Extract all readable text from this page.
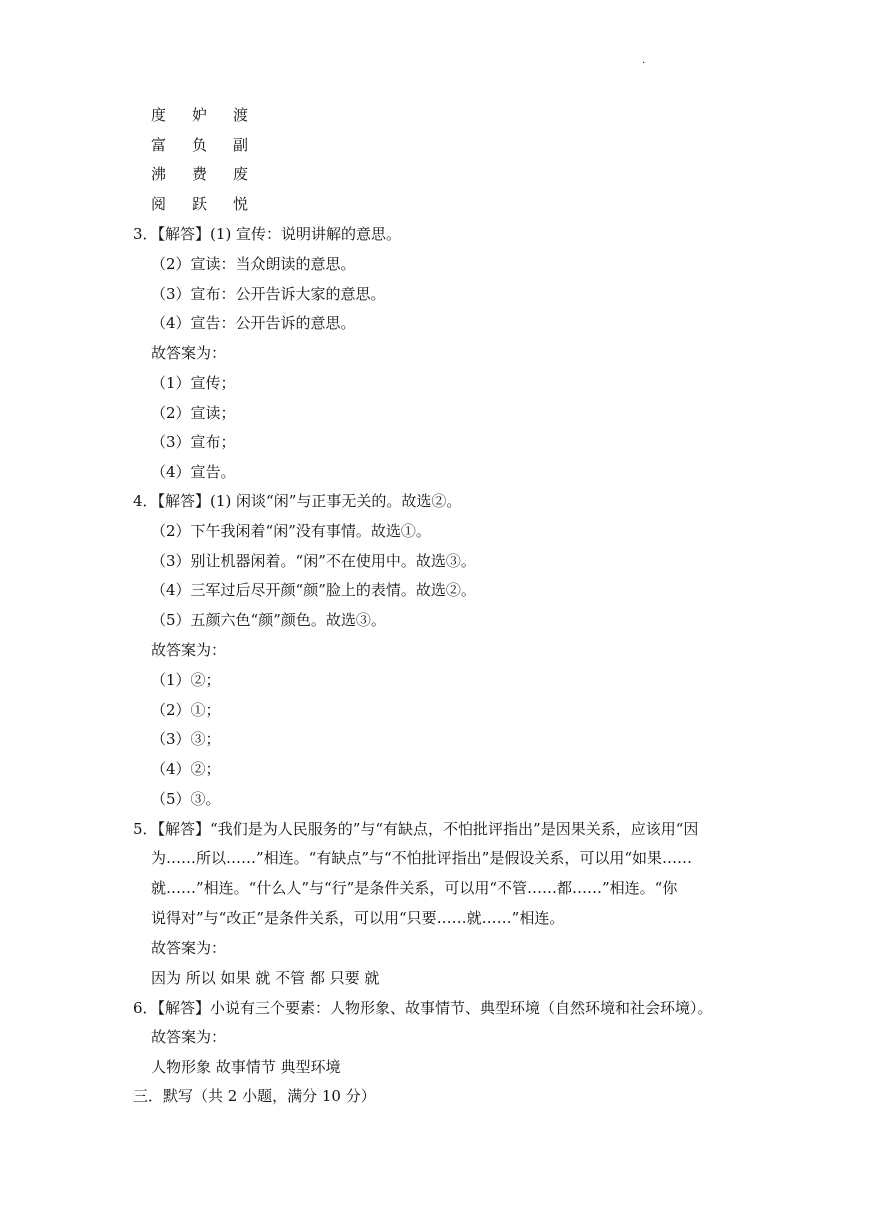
.
度 妒 渡
富 负 副
沸 费 废
阅 跃 悦
3．【解答】(1) 宣传：说明讲解的意思。
（2）宣读：当众朗读的意思。
（3）宣布：公开告诉大家的意思。
（4）宣告：公开告诉的意思。
故答案为：
（1）宣传；
（2）宣读；
（3）宣布；
（4）宣告。
4．【解答】(1) 闲谈“闲”与正事无关的。故选②。
（2）下午我闲着“闲”没有事情。故选①。
（3）别让机器闲着。“闲”不在使用中。故选③。
（4）三军过后尽开颜“颜”脸上的表情。故选②。
（5）五颜六色“颜”颜色。故选③。
故答案为：
（1）②；
（2）①；
（3）③；
（4）②；
（5）③。
5．【解答】“我们是为人民服务的”与“有缺点，不怕批评指出”是因果关系，应该用“因
为……所以……”相连。“有缺点”与“不怕批评指出”是假设关系，可以用“如果……
就……”相连。“什么人”与“行”是条件关系，可以用“不管……都……”相连。“你
说得对”与“改正”是条件关系，可以用“只要……就……”相连。
故答案为：
因为 所以 如果 就 不管 都 只要 就
6．【解答】小说有三个要素：人物形象、故事情节、典型环境（自然环境和社会环境）。
故答案为：
人物形象 故事情节 典型环境
三．默写（共 2 小题，满分 10 分）
